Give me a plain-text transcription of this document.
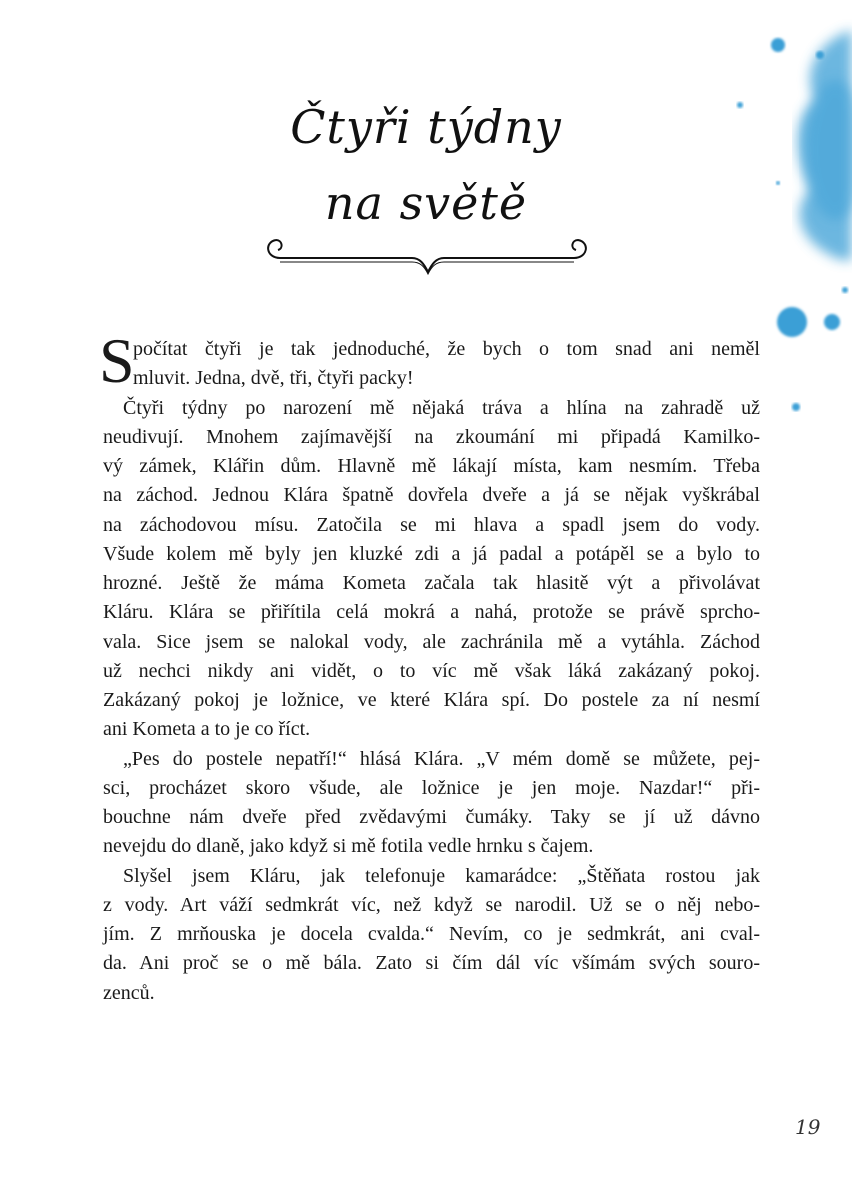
Čtyři týdny
na světě
S
počítat čtyři je tak jednoduché, že bych o tom snad ani neměl
mluvit. Jedna, dvě, tři, čtyři packy!
Čtyři týdny po narození mě nějaká tráva a hlína na zahradě už
neudivují. Mnohem zajímavější na zkoumání mi připadá Kamilko-
vý zámek, Klářin dům. Hlavně mě lákají místa, kam nesmím. Třeba
na záchod. Jednou Klára špatně dovřela dveře a já se nějak vyškrábal
na záchodovou mísu. Zatočila se mi hlava a spadl jsem do vody.
Všude kolem mě byly jen kluzké zdi a já padal a potápěl se a bylo to
hrozné. Ještě že máma Kometa začala tak hlasitě výt a přivolávat
Kláru. Klára se přiřítila celá mokrá a nahá, protože se právě sprcho-
vala. Sice jsem se nalokal vody, ale zachránila mě a vytáhla. Záchod
už nechci nikdy ani vidět, o to víc mě však láká zakázaný pokoj.
Zakázaný pokoj je ložnice, ve které Klára spí. Do postele za ní nesmí
ani Kometa a to je co říct.
„Pes do postele nepatří!“ hlásá Klára. „V mém domě se můžete, pej-
sci, procházet skoro všude, ale ložnice je jen moje. Nazdar!“ při-
bouchne nám dveře před zvědavými čumáky. Taky se jí už dávno
nevejdu do dlaně, jako když si mě fotila vedle hrnku s čajem.
Slyšel jsem Kláru, jak telefonuje kamarádce: „Štěňata rostou jak
z vody. Art váží sedmkrát víc, než když se narodil. Už se o něj nebo-
jím. Z mrňouska je docela cvalda.“ Nevím, co je sedmkrát, ani cval-
da. Ani proč se o mě bála. Zato si čím dál víc všímám svých souro-
zenců.
19
